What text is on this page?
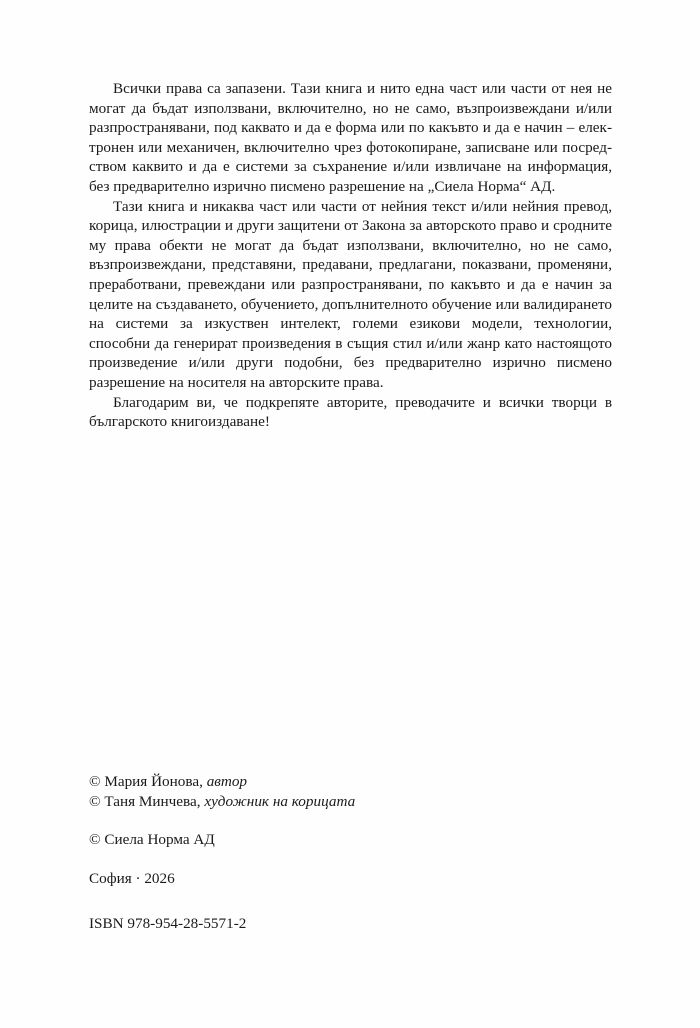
Всички права са запазени. Тази книга и нито една част или части от нея не могат да бъдат използвани, включително, но не само, възпроизвеждани и/или разпространявани, под каквато и да е форма или по какъвто и да е начин – електронен или механичен, включително чрез фотокопиране, записване или посредством каквито и да е системи за съхранение и/или извличане на информация, без предварително изрично писмено разрешение на „Сиела Норма“ АД.

Тази книга и никаква част или части от нейния текст и/или нейния превод, корица, илюстрации и други защитени от Закона за авторското право и сродните му права обекти не могат да бъдат използвани, включително, но не само, възпроизвеждани, представяни, предавани, предлагани, показвани, променяни, преработвани, превеждани или разпространявани, по какъвто и да е начин за целите на създаването, обучението, допълнителното обучение или валидирането на системи за изкуствен интелект, големи езикови модели, технологии, способни да генерират произведения в същия стил и/или жанр като настоящото произведение и/или други подобни, без предварително изрично писмено разрешение на носителя на авторските права.

Благодарим ви, че подкрепяте авторите, преводачите и всички творци в българското книгоиздаване!

© Мария Йонова, автор
© Таня Минчева, художник на корицата
© Сиела Норма АД
София · 2026
ISBN 978-954-28-5571-2
